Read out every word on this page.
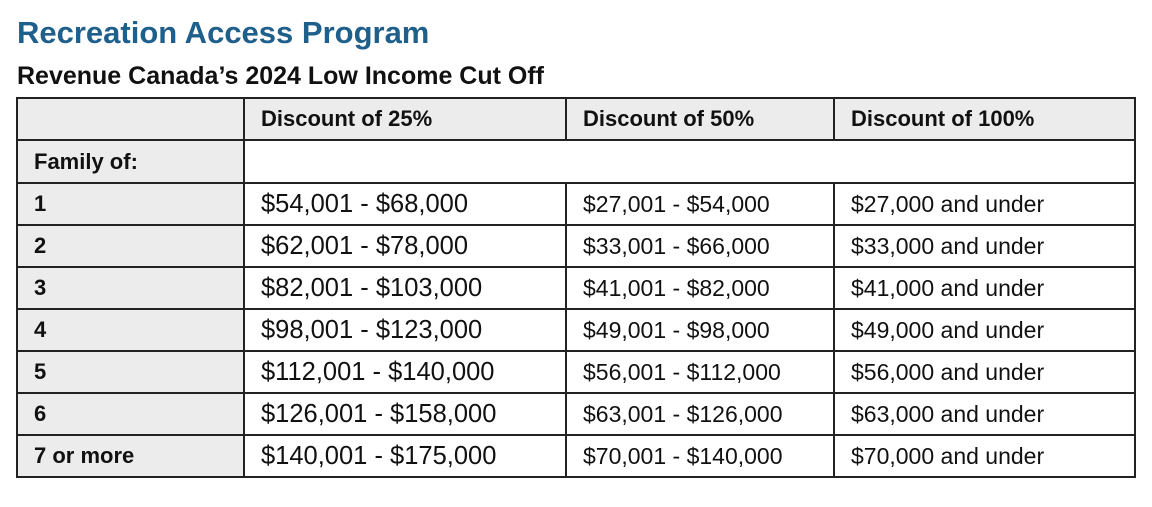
Recreation Access Program
Revenue Canada’s 2024 Low Income Cut Off
	Discount of 25%	Discount of 50%	Discount of 100%
Family of:			
1	$54,001 - $68,000	$27,001 - $54,000	$27,000 and under
2	$62,001 - $78,000	$33,001 - $66,000	$33,000 and under
3	$82,001 - $103,000	$41,001 - $82,000	$41,000 and under
4	$98,001 - $123,000	$49,001 - $98,000	$49,000 and under
5	$112,001 - $140,000	$56,001 - $112,000	$56,000 and under
6	$126,001 - $158,000	$63,001 - $126,000	$63,000 and under
7 or more	$140,001 - $175,000	$70,001 - $140,000	$70,000 and under
